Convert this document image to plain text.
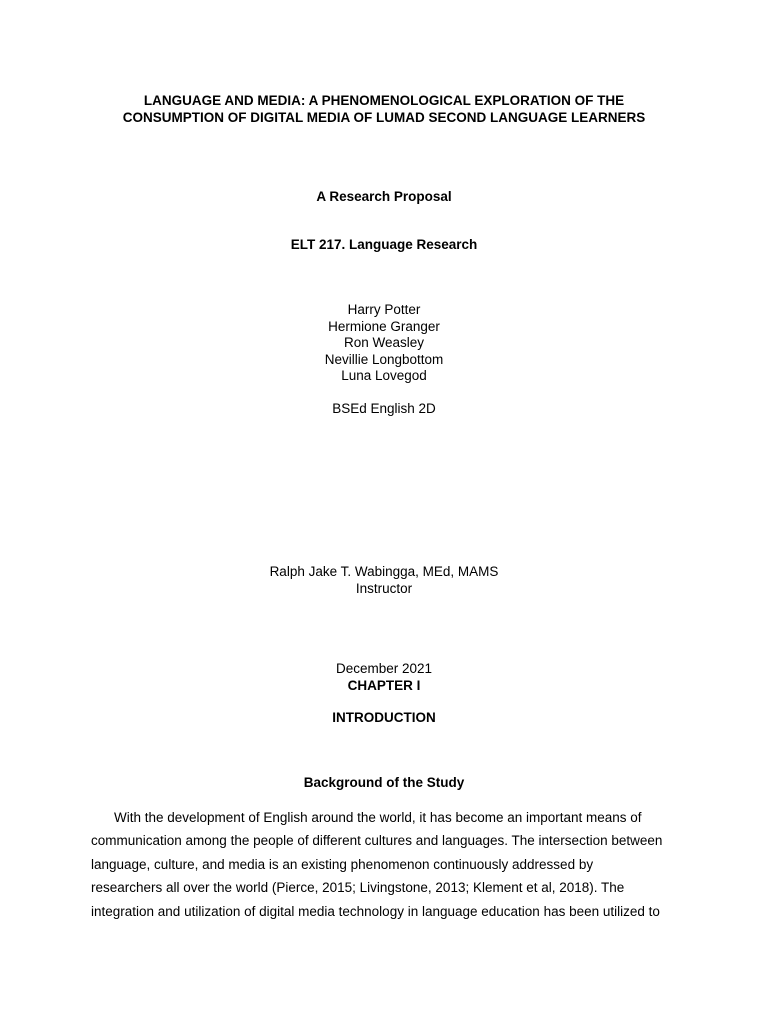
LANGUAGE AND MEDIA: A PHENOMENOLOGICAL EXPLORATION OF THE
CONSUMPTION OF DIGITAL MEDIA OF LUMAD SECOND LANGUAGE LEARNERS
A Research Proposal
ELT 217. Language Research
Harry Potter
Hermione Granger
Ron Weasley
Nevillie Longbottom
Luna Lovegod
BSEd English 2D
Ralph Jake T. Wabingga, MEd, MAMS
Instructor
December 2021
CHAPTER I
INTRODUCTION
Background of the Study
With the development of English around the world, it has become an important means of
communication among the people of different cultures and languages. The intersection between
language, culture, and media is an existing phenomenon continuously addressed by
researchers all over the world (Pierce, 2015; Livingstone, 2013; Klement et al, 2018). The
integration and utilization of digital media technology in language education has been utilized to
